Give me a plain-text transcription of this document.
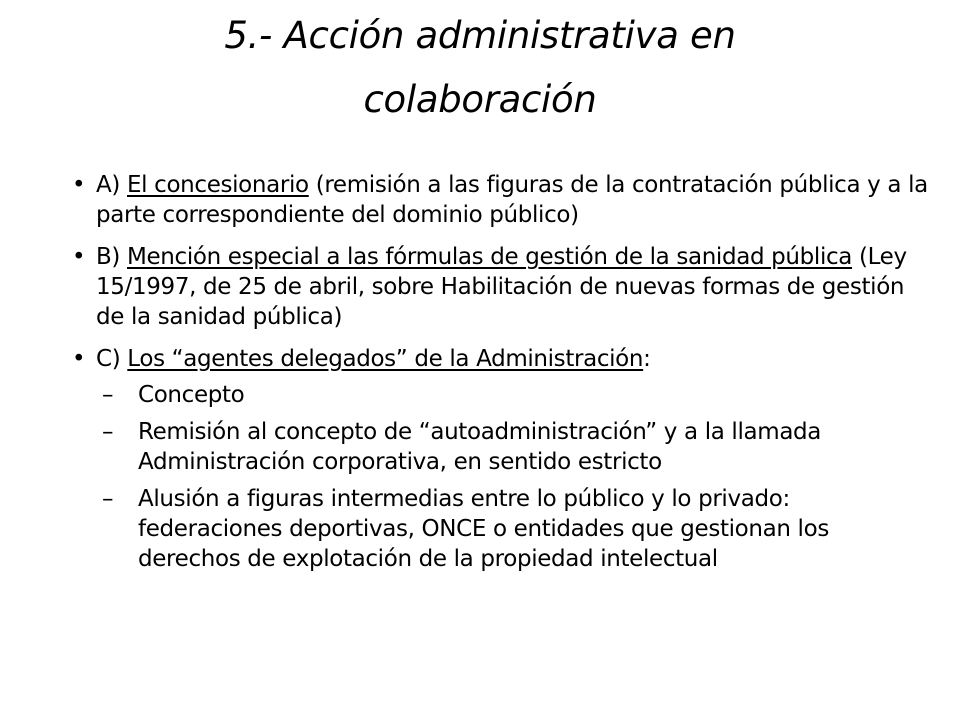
5.- Acción administrativa en
colaboración
• A) El concesionario (remisión a las figuras de la contratación pública y a la parte correspondiente del dominio público)
• B) Mención especial a las fórmulas de gestión de la sanidad pública (Ley 15/1997, de 25 de abril, sobre Habilitación de nuevas formas de gestión de la sanidad pública)
• C) Los “agentes delegados” de la Administración:
– Concepto
– Remisión al concepto de “autoadministración” y a la llamada Administración corporativa, en sentido estricto
– Alusión a figuras intermedias entre lo público y lo privado: federaciones deportivas, ONCE o entidades que gestionan los derechos de explotación de la propiedad intelectual
